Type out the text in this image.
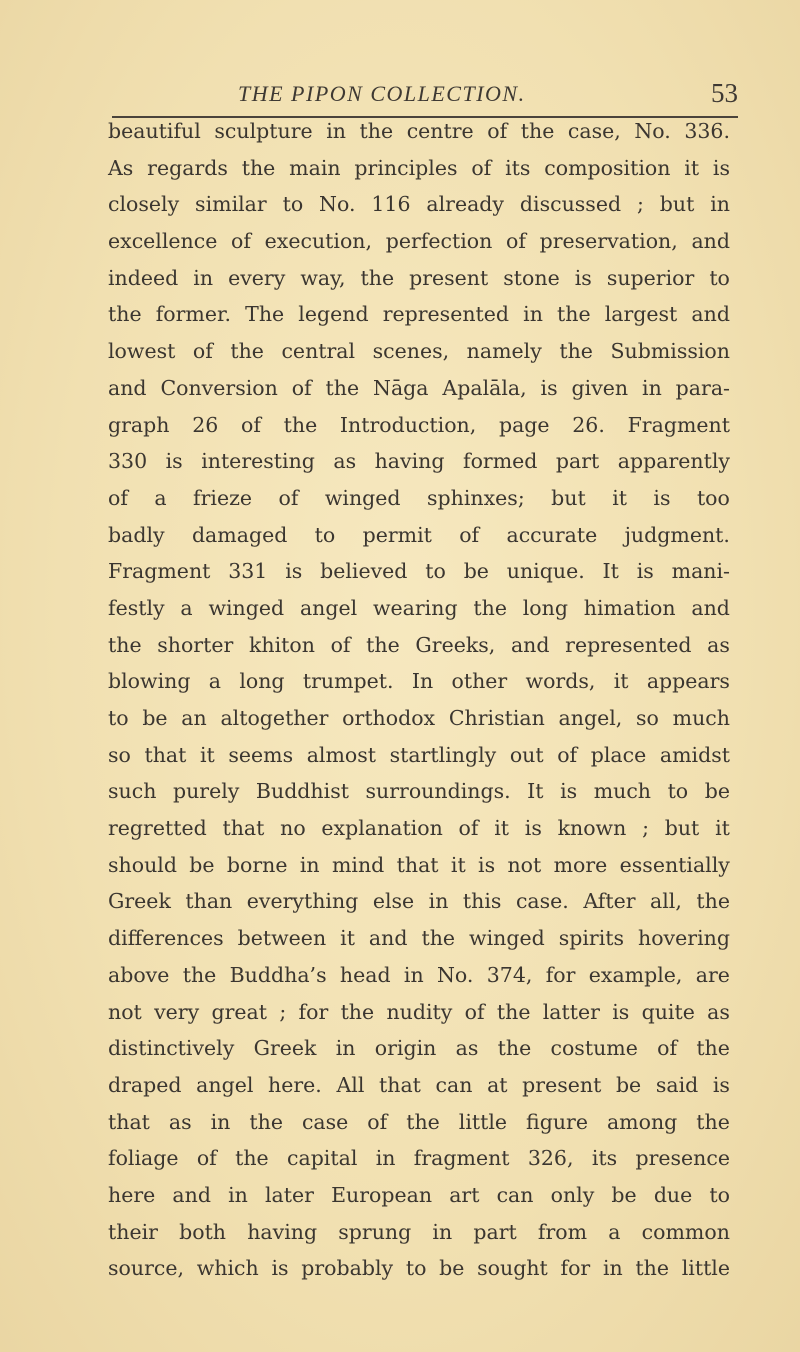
THE PIPON COLLECTION.	53
beautiful sculpture in the centre of the case, No. 336.
As regards the main principles of its composition it is
closely similar to No. 116 already discussed ; but in
excellence of execution, perfection of preservation, and
indeed in every way, the present stone is superior to
the former. The legend represented in the largest and
lowest of the central scenes, namely the Submission
and Conversion of the Nāga Apalāla, is given in para-
graph 26 of the Introduction, page 26. Fragment
330 is interesting as having formed part apparently
of a frieze of winged sphinxes; but it is too
badly damaged to permit of accurate judgment.
Fragment 331 is believed to be unique. It is mani-
festly a winged angel wearing the long himation and
the shorter khiton of the Greeks, and represented as
blowing a long trumpet. In other words, it appears
to be an altogether orthodox Christian angel, so much
so that it seems almost startlingly out of place amidst
such purely Buddhist surroundings. It is much to be
regretted that no explanation of it is known ; but it
should be borne in mind that it is not more essentially
Greek than everything else in this case. After all, the
differences between it and the winged spirits hovering
above the Buddha’s head in No. 374, for example, are
not very great ; for the nudity of the latter is quite as
distinctively Greek in origin as the costume of the
draped angel here. All that can at present be said is
that as in the case of the little figure among the
foliage of the capital in fragment 326, its presence
here and in later European art can only be due to
their both having sprung in part from a common
source, which is probably to be sought for in the little
